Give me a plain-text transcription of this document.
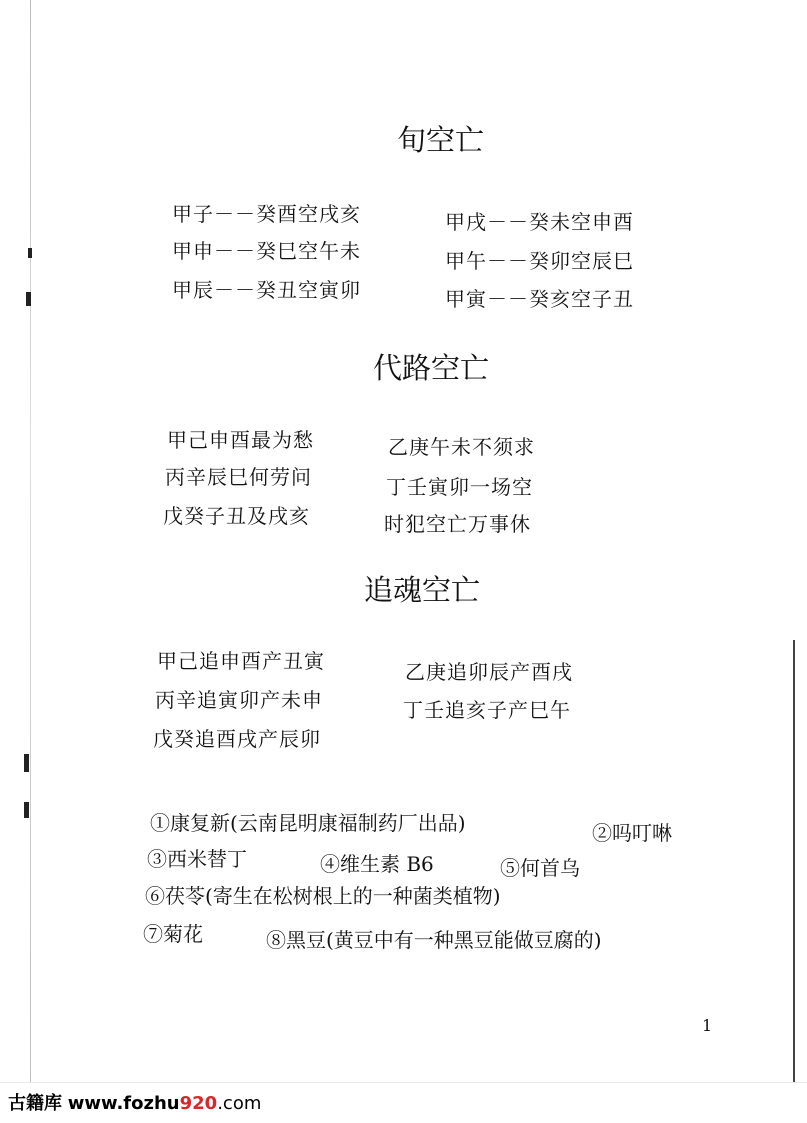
旬空亡
甲子－－癸酉空戌亥
甲申－－癸巳空午未
甲辰－－癸丑空寅卯
甲戌－－癸未空申酉
甲午－－癸卯空辰巳
甲寅－－癸亥空子丑
代路空亡
甲己申酉最为愁
丙辛辰巳何劳问
戊癸子丑及戌亥
乙庚午未不须求
丁壬寅卯一场空
时犯空亡万事休
追魂空亡
甲己追申酉产丑寅
丙辛追寅卯产未申
戊癸追酉戌产辰卯
乙庚追卯辰产酉戌
丁壬追亥子产巳午
①康复新(云南昆明康福制药厂出品)	②吗叮啉
③西米替丁	④维生素 B6	⑤何首乌
⑥茯苓(寄生在松树根上的一种菌类植物)
⑦菊花	⑧黑豆(黄豆中有一种黑豆能做豆腐的)
1
古籍库 www.fozhu920.com
